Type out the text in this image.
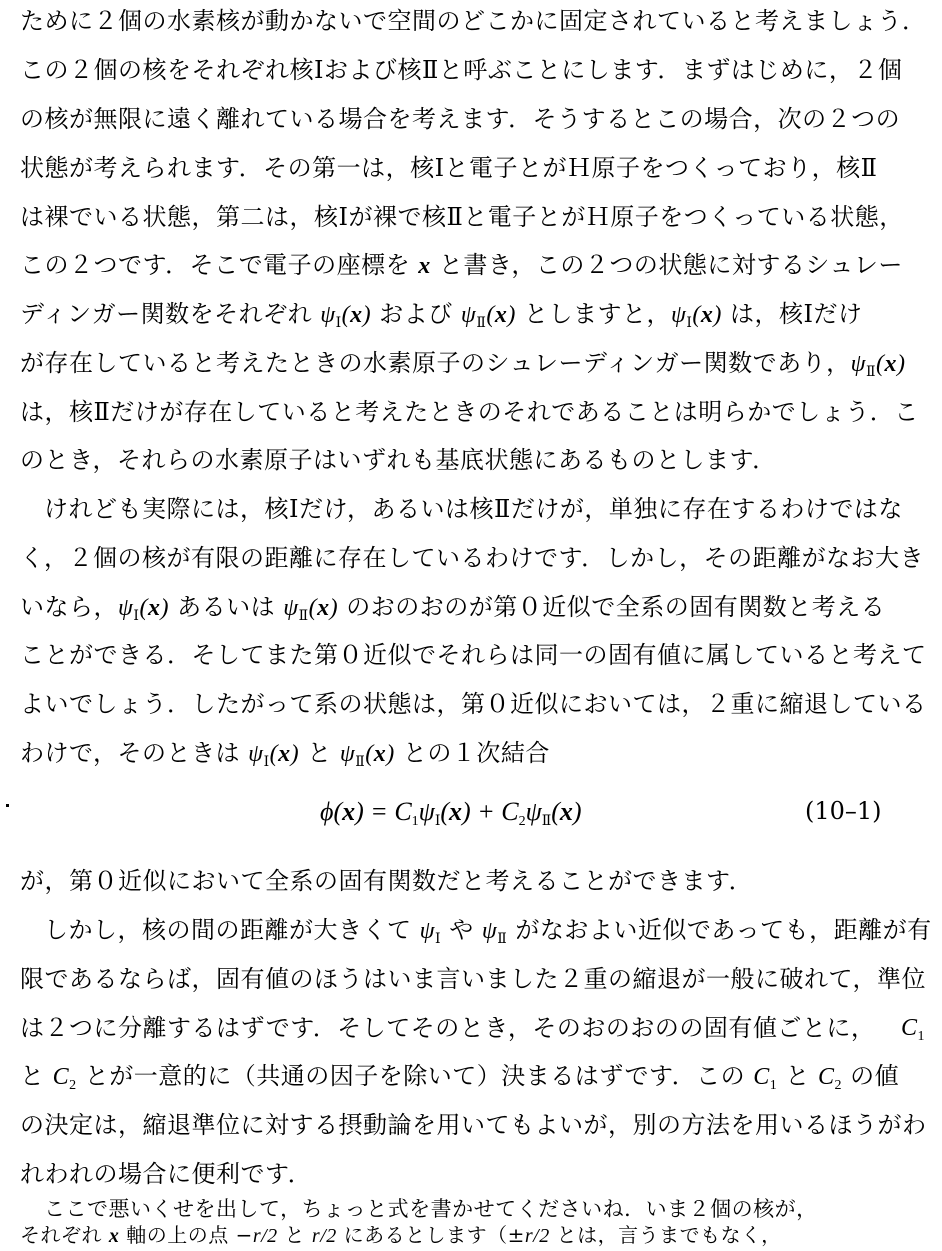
ために２個の水素核が動かないで空間のどこかに固定されていると考えましょう．
この２個の核をそれぞれ核Ⅰおよび核Ⅱと呼ぶことにします．まずはじめに，２個
の核が無限に遠く離れている場合を考えます．そうするとこの場合，次の２つの
状態が考えられます．その第一は，核Ⅰと電子とがＨ原子をつくっており，核Ⅱ
は裸でいる状態，第二は，核Ⅰが裸で核Ⅱと電子とがＨ原子をつくっている状態，
この２つです．そこで電子の座標を x と書き，この２つの状態に対するシュレー
ディンガー関数をそれぞれ $\psi_Ⅰ(x)$ および $\psi_Ⅱ(x)$ としますと，$\psi_Ⅰ(x)$ は，核Ⅰだけ
が存在していると考えたときの水素原子のシュレーディンガー関数であり，$\psi_Ⅱ(x)$
は，核Ⅱだけが存在していると考えたときのそれであることは明らかでしょう．こ
のとき，それらの水素原子はいずれも基底状態にあるものとします．
けれども実際には，核Ⅰだけ，あるいは核Ⅱだけが，単独に存在するわけではな
く，２個の核が有限の距離に存在しているわけです．しかし，その距離がなお大き
いなら，$\psi_Ⅰ(x)$ あるいは $\psi_Ⅱ(x)$ のおのおのが第０近似で全系の固有関数と考える
ことができる．そしてまた第０近似でそれらは同一の固有値に属していると考えて
よいでしょう．したがって系の状態は，第０近似においては，２重に縮退している
わけで，そのときは $\psi_Ⅰ(x)$ と $\psi_Ⅱ(x)$ との１次結合
$\phi(x) = C_1\psi_Ⅰ(x) + C_2\psi_Ⅱ(x)$	(10–1)
が，第０近似において全系の固有関数だと考えることができます．
しかし，核の間の距離が大きくて $\psi_Ⅰ$ や $\psi_Ⅱ$ がなおよい近似であっても，距離が有
限であるならば，固有値のほうはいま言いました２重の縮退が一般に破れて，準位
は２つに分離するはずです．そしてそのとき，そのおのおのの固有値ごとに， $C_1$
と $C_2$ とが一意的に（共通の因子を除いて）決まるはずです．この $C_1$ と $C_2$ の値
の決定は，縮退準位に対する摂動論を用いてもよいが，別の方法を用いるほうがわ
れわれの場合に便利です．
ここで悪いくせを出して，ちょっと式を書かせてくださいね．いま２個の核が，
それぞれ x 軸の上の点 −r/2 と r/2 にあるとします（±r/2 とは，言うまでもなく，
